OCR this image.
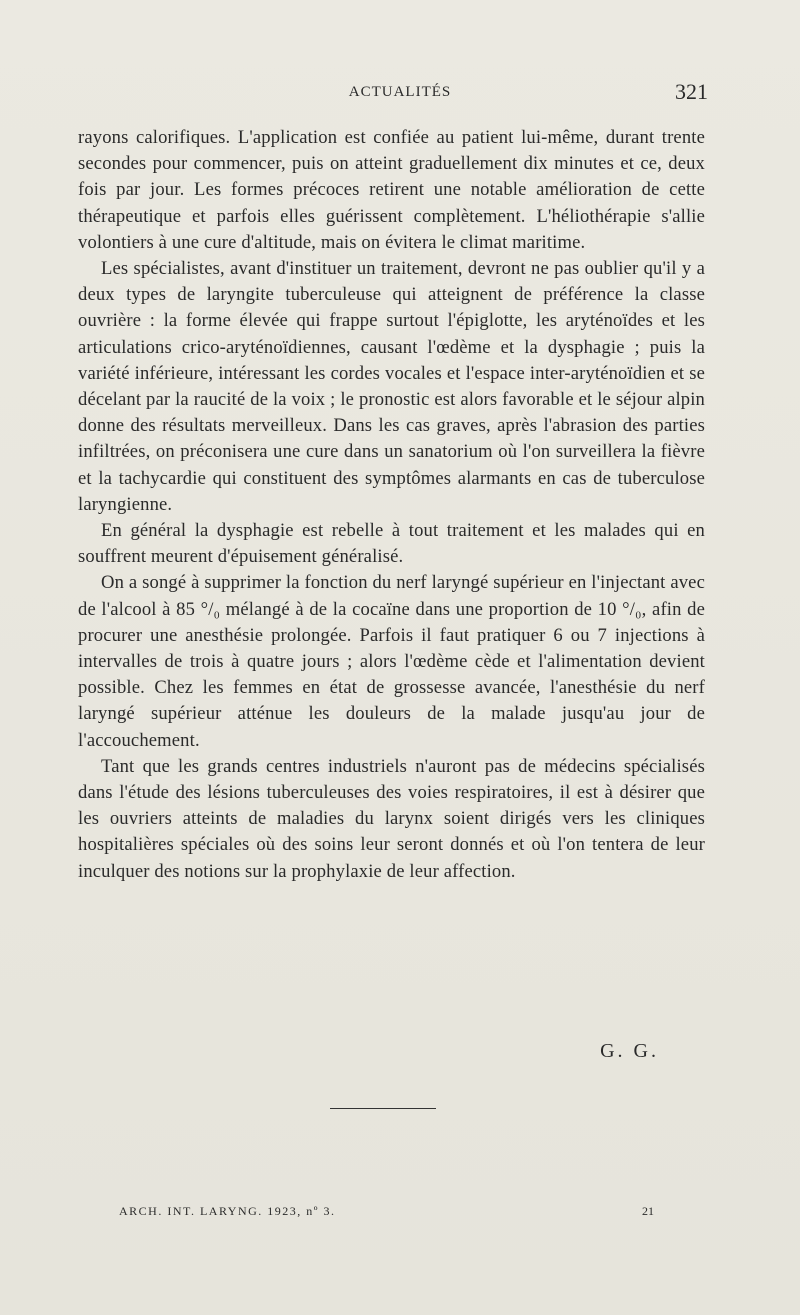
ACTUALITÉS	321

rayons calorifiques. L'application est confiée au patient lui-même, durant trente secondes pour commencer, puis on atteint graduellement dix minutes et ce, deux fois par jour. Les formes précoces retirent une notable amélioration de cette thérapeutique et parfois elles guérissent complètement. L'héliothérapie s'allie volontiers à une cure d'altitude, mais on évitera le climat maritime.

Les spécialistes, avant d'instituer un traitement, devront ne pas oublier qu'il y a deux types de laryngite tuberculeuse qui atteignent de préférence la classe ouvrière : la forme élevée qui frappe surtout l'épiglotte, les aryténoïdes et les articulations crico-aryténoïdiennes, causant l'œdème et la dysphagie ; puis la variété inférieure, intéressant les cordes vocales et l'espace inter-aryténoïdien et se décelant par la raucité de la voix ; le pronostic est alors favorable et le séjour alpin donne des résultats merveilleux. Dans les cas graves, après l'abrasion des parties infiltrées, on préconisera une cure dans un sanatorium où l'on surveillera la fièvre et la tachycardie qui constituent des symptômes alarmants en cas de tuberculose laryngienne.

En général la dysphagie est rebelle à tout traitement et les malades qui en souffrent meurent d'épuisement généralisé.

On a songé à supprimer la fonction du nerf laryngé supérieur en l'injectant avec de l'alcool à 85 °/₀ mélangé à de la cocaïne dans une proportion de 10 °/₀, afin de procurer une anesthésie prolongée. Parfois il faut pratiquer 6 ou 7 injections à intervalles de trois à quatre jours ; alors l'œdème cède et l'alimentation devient possible. Chez les femmes en état de grossesse avancée, l'anesthésie du nerf laryngé supérieur atténue les douleurs de la malade jusqu'au jour de l'accouchement.

Tant que les grands centres industriels n'auront pas de médecins spécialisés dans l'étude des lésions tuberculeuses des voies respiratoires, il est à désirer que les ouvriers atteints de maladies du larynx soient dirigés vers les cliniques hospitalières spéciales où des soins leur seront donnés et où l'on tentera de leur inculquer des notions sur la prophylaxie de leur affection.

G. G.
ARCH. INT. LARYNG. 1923, nº 3.	21
